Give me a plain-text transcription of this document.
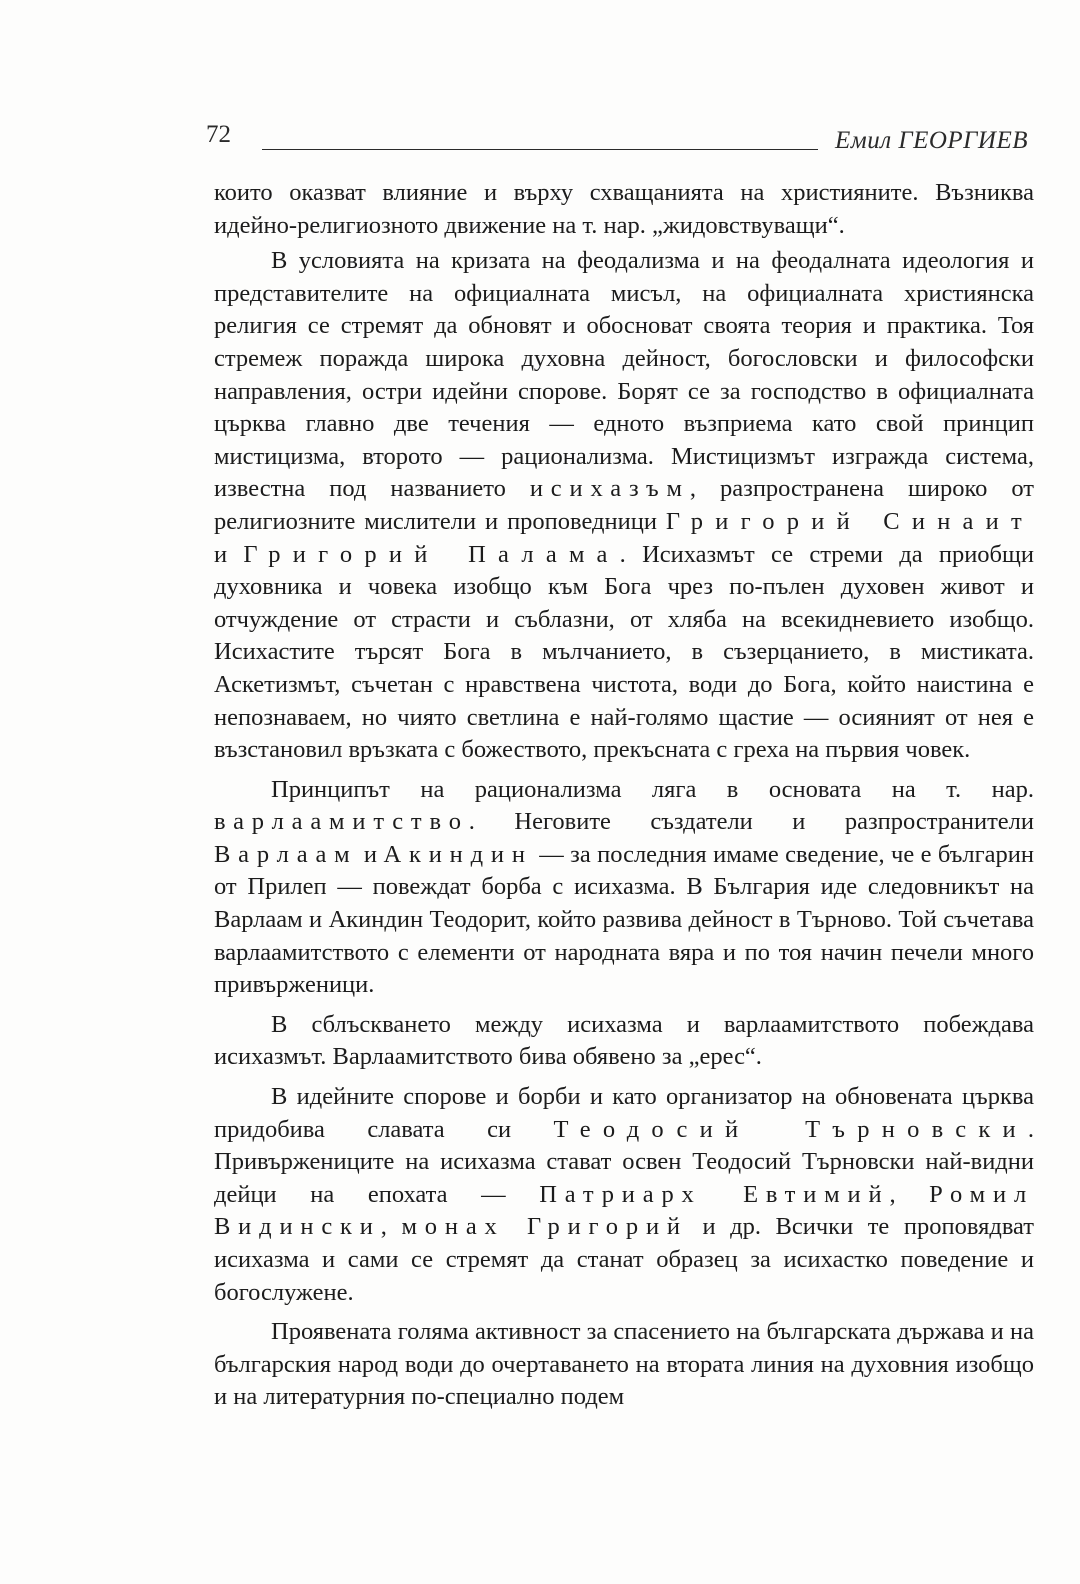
72	Емил ГЕОРГИЕВ

които оказват влияние и върху схващанията на християните. Възниква идейно-религиозното движение на т. нар. „жидовствуващи“.

В условията на кризата на феодализма и на феодалната идеология и представителите на официалната мисъл, на официалната християнска религия се стремят да обновят и обосноват своята теория и практика. Тоя стремеж поражда широка духовна дейност, богословски и философски направления, остри идейни спорове. Борят се за господство в официалната църква главно две течения — едното възприема като свой принцип мистицизма, второто — рационализма. Мистицизмът изгражда система, известна под названието исихазъм, разпространена широко от религиозните мислители и проповедници Григорий Синаит и Григорий Палама. Исихазмът се стреми да приобщи духовника и човека изобщо към Бога чрез по-пълен духовен живот и отчуждение от страсти и съблазни, от хляба на всекидневието изобщо. Исихастите търсят Бога в мълчанието, в съзерцанието, в мистиката. Аскетизмът, съчетан с нравствена чистота, води до Бога, който наистина е непознаваем, но чиято светлина е най-голямо щастие — осияният от нея е възстановил връзката с божеството, прекъсната с греха на първия човек.

Принципът на рационализма ляга в основата на т. нар. варлаамитство. Неговите създатели и разпространители Варлаам и Акиндин — за последния имаме сведение, че е българин от Прилеп — повеждат борба с исихазма. В България иде следовникът на Варлаам и Акиндин Теодорит, който развива дейност в Търново. Той съчетава варлаамитството с елементи от народната вяра и по тоя начин печели много привърженици.

В сблъскването между исихазма и варлаамитството побеждава исихазмът. Варлаамитството бива обявено за „ерес“.

В идейните спорове и борби и като организатор на обновената църква придобива славата си Теодосий Търновски. Привържениците на исихазма стават освен Теодосий Търновски най-видни дейци на епохата — Патриарх Евтимий, Ромил Видински, монах Григорий и др. Всички те проповядват исихазма и сами се стремят да станат образец за исихастко поведение и богослужене.

Проявената голяма активност за спасението на българската държава и на българския народ води до очертаването на втората линия на духовния изобщо и на литературния по-специално подем
